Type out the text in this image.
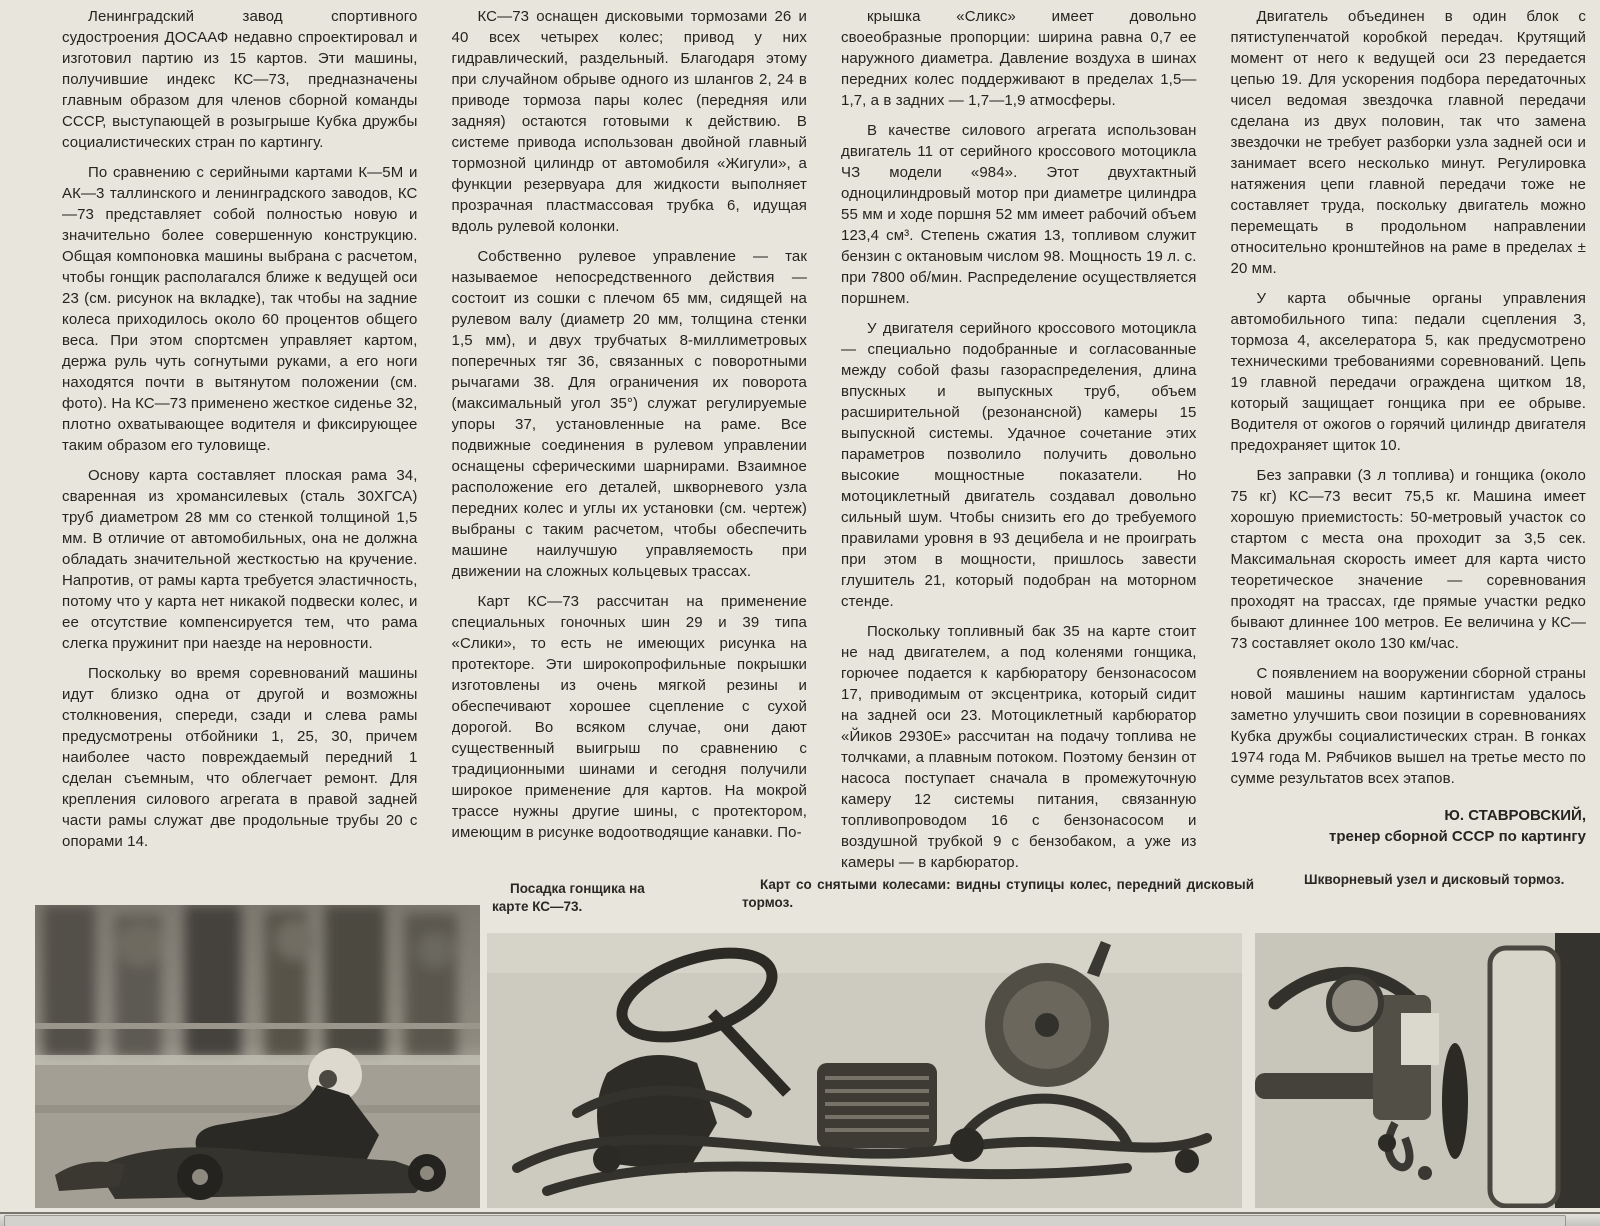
Ленинградский завод спортивного судостроения ДОСААФ недавно спроектировал и изготовил партию из 15 картов. Эти машины, получившие индекс КС—73, предназначены главным образом для членов сборной команды СССР, выступающей в розыгрыше Кубка дружбы социалистических стран по картингу.

По сравнению с серийными картами К—5М и АК—3 таллинского и ленинградского заводов, КС—73 представляет собой полностью новую и значительно более совершенную конструкцию. Общая компоновка машины выбрана с расчетом, чтобы гонщик располагался ближе к ведущей оси 23 (см. рисунок на вкладке), так чтобы на задние колеса приходилось около 60 процентов общего веса. При этом спортсмен управляет картом, держа руль чуть согнутыми руками, а его ноги находятся почти в вытянутом положении (см. фото). На КС—73 применено жесткое сиденье 32, плотно охватывающее водителя и фиксирующее таким образом его туловище.

Основу карта составляет плоская рама 34, сваренная из хромансилевых (сталь 30ХГСА) труб диаметром 28 мм со стенкой толщиной 1,5 мм. В отличие от автомобильных, она не должна обладать значительной жесткостью на кручение. Напротив, от рамы карта требуется эластичность, потому что у карта нет никакой подвески колес, и ее отсутствие компенсируется тем, что рама слегка пружинит при наезде на неровности.

Поскольку во время соревнований машины идут близко одна от другой и возможны столкновения, спереди, сзади и слева рамы предусмотрены отбойники 1, 25, 30, причем наиболее часто повреждаемый передний 1 сделан съемным, что облегчает ремонт. Для крепления силового агрегата в правой задней части рамы служат две продольные трубы 20 с опорами 14.

КС—73 оснащен дисковыми тормозами 26 и 40 всех четырех колес; привод у них гидравлический, раздельный. Благодаря этому при случайном обрыве одного из шлангов 2, 24 в приводе тормоза пары колес (передняя или задняя) остаются готовыми к действию. В системе привода использован двойной главный тормозной цилиндр от автомобиля «Жигули», а функции резервуара для жидкости выполняет прозрачная пластмассовая трубка 6, идущая вдоль рулевой колонки.

Собственно рулевое управление — так называемое непосредственного действия — состоит из сошки с плечом 65 мм, сидящей на рулевом валу (диаметр 20 мм, толщина стенки 1,5 мм), и двух трубчатых 8-миллиметровых поперечных тяг 36, связанных с поворотными рычагами 38. Для ограничения их поворота (максимальный угол 35°) служат регулируемые упоры 37, установленные на раме. Все подвижные соединения в рулевом управлении оснащены сферическими шарнирами. Взаимное расположение его деталей, шкворневого узла передних колес и углы их установки (см. чертеж) выбраны с таким расчетом, чтобы обеспечить машине наилучшую управляемость при движении на сложных кольцевых трассах.

Карт КС—73 рассчитан на применение специальных гоночных шин 29 и 39 типа «Слики», то есть не имеющих рисунка на протекторе. Эти широкопрофильные покрышки изготовлены из очень мягкой резины и обеспечивают хорошее сцепление с сухой дорогой. Во всяком случае, они дают существенный выигрыш по сравнению с традиционными шинами и сегодня получили широкое применение для картов. На мокрой трассе нужны другие шины, с протектором, имеющим в рисунке водоотводящие канавки. По-

крышка «Сликс» имеет довольно своеобразные пропорции: ширина равна 0,7 ее наружного диаметра. Давление воздуха в шинах передних колес поддерживают в пределах 1,5—1,7, а в задних — 1,7—1,9 атмосферы.

В качестве силового агрегата использован двигатель 11 от серийного кроссового мотоцикла ЧЗ модели «984». Этот двухтактный одноцилиндровый мотор при диаметре цилиндра 55 мм и ходе поршня 52 мм имеет рабочий объем 123,4 см³. Степень сжатия 13, топливом служит бензин с октановым числом 98. Мощность 19 л. с. при 7800 об/мин. Распределение осуществляется поршнем.

У двигателя серийного кроссового мотоцикла — специально подобранные и согласованные между собой фазы газораспределения, длина впускных и выпускных труб, объем расширительной (резонансной) камеры 15 выпускной системы. Удачное сочетание этих параметров позволило получить довольно высокие мощностные показатели. Но мотоциклетный двигатель создавал довольно сильный шум. Чтобы снизить его до требуемого правилами уровня в 93 децибела и не проиграть при этом в мощности, пришлось завести глушитель 21, который подобран на моторном стенде.

Поскольку топливный бак 35 на карте стоит не над двигателем, а под коленями гонщика, горючее подается к карбюратору бензонасосом 17, приводимым от эксцентрика, который сидит на задней оси 23. Мотоциклетный карбюратор «Йиков 2930Е» рассчитан на подачу топлива не толчками, а плавным потоком. Поэтому бензин от насоса поступает сначала в промежуточную камеру 12 системы питания, связанную топливопроводом 16 с бензонасосом и воздушной трубкой 9 с бензобаком, а уже из камеры — в карбюратор.

Двигатель объединен в один блок с пятиступенчатой коробкой передач. Крутящий момент от него к ведущей оси 23 передается цепью 19. Для ускорения подбора передаточных чисел ведомая звездочка главной передачи сделана из двух половин, так что замена звездочки не требует разборки узла задней оси и занимает всего несколько минут. Регулировка натяжения цепи главной передачи тоже не составляет труда, поскольку двигатель можно перемещать в продольном направлении относительно кронштейнов на раме в пределах ± 20 мм.

У карта обычные органы управления автомобильного типа: педали сцепления 3, тормоза 4, акселератора 5, как предусмотрено техническими требованиями соревнований. Цепь 19 главной передачи ограждена щитком 18, который защищает гонщика при ее обрыве. Водителя от ожогов о горячий цилиндр двигателя предохраняет щиток 10.

Без заправки (3 л топлива) и гонщика (около 75 кг) КС—73 весит 75,5 кг. Машина имеет хорошую приемистость: 50-метровый участок со стартом с места она проходит за 3,5 сек. Максимальная скорость имеет для карта чисто теоретическое значение — соревнования проходят на трассах, где прямые участки редко бывают длиннее 100 метров. Ее величина у КС—73 составляет около 130 км/час.

С появлением на вооружении сборной страны новой машины нашим картингистам удалось заметно улучшить свои позиции в соревнованиях Кубка дружбы социалистических стран. В гонках 1974 года М. Рябчиков вышел на третье место по сумме результатов всех этапов.

Ю. СТАВРОВСКИЙ,
тренер сборной СССР по картингу
Посадка гонщика на карте КС—73.
Карт со снятыми колесами: видны ступицы колес, передний дисковый тормоз.
Шкворневый узел и дисковый тормоз.
